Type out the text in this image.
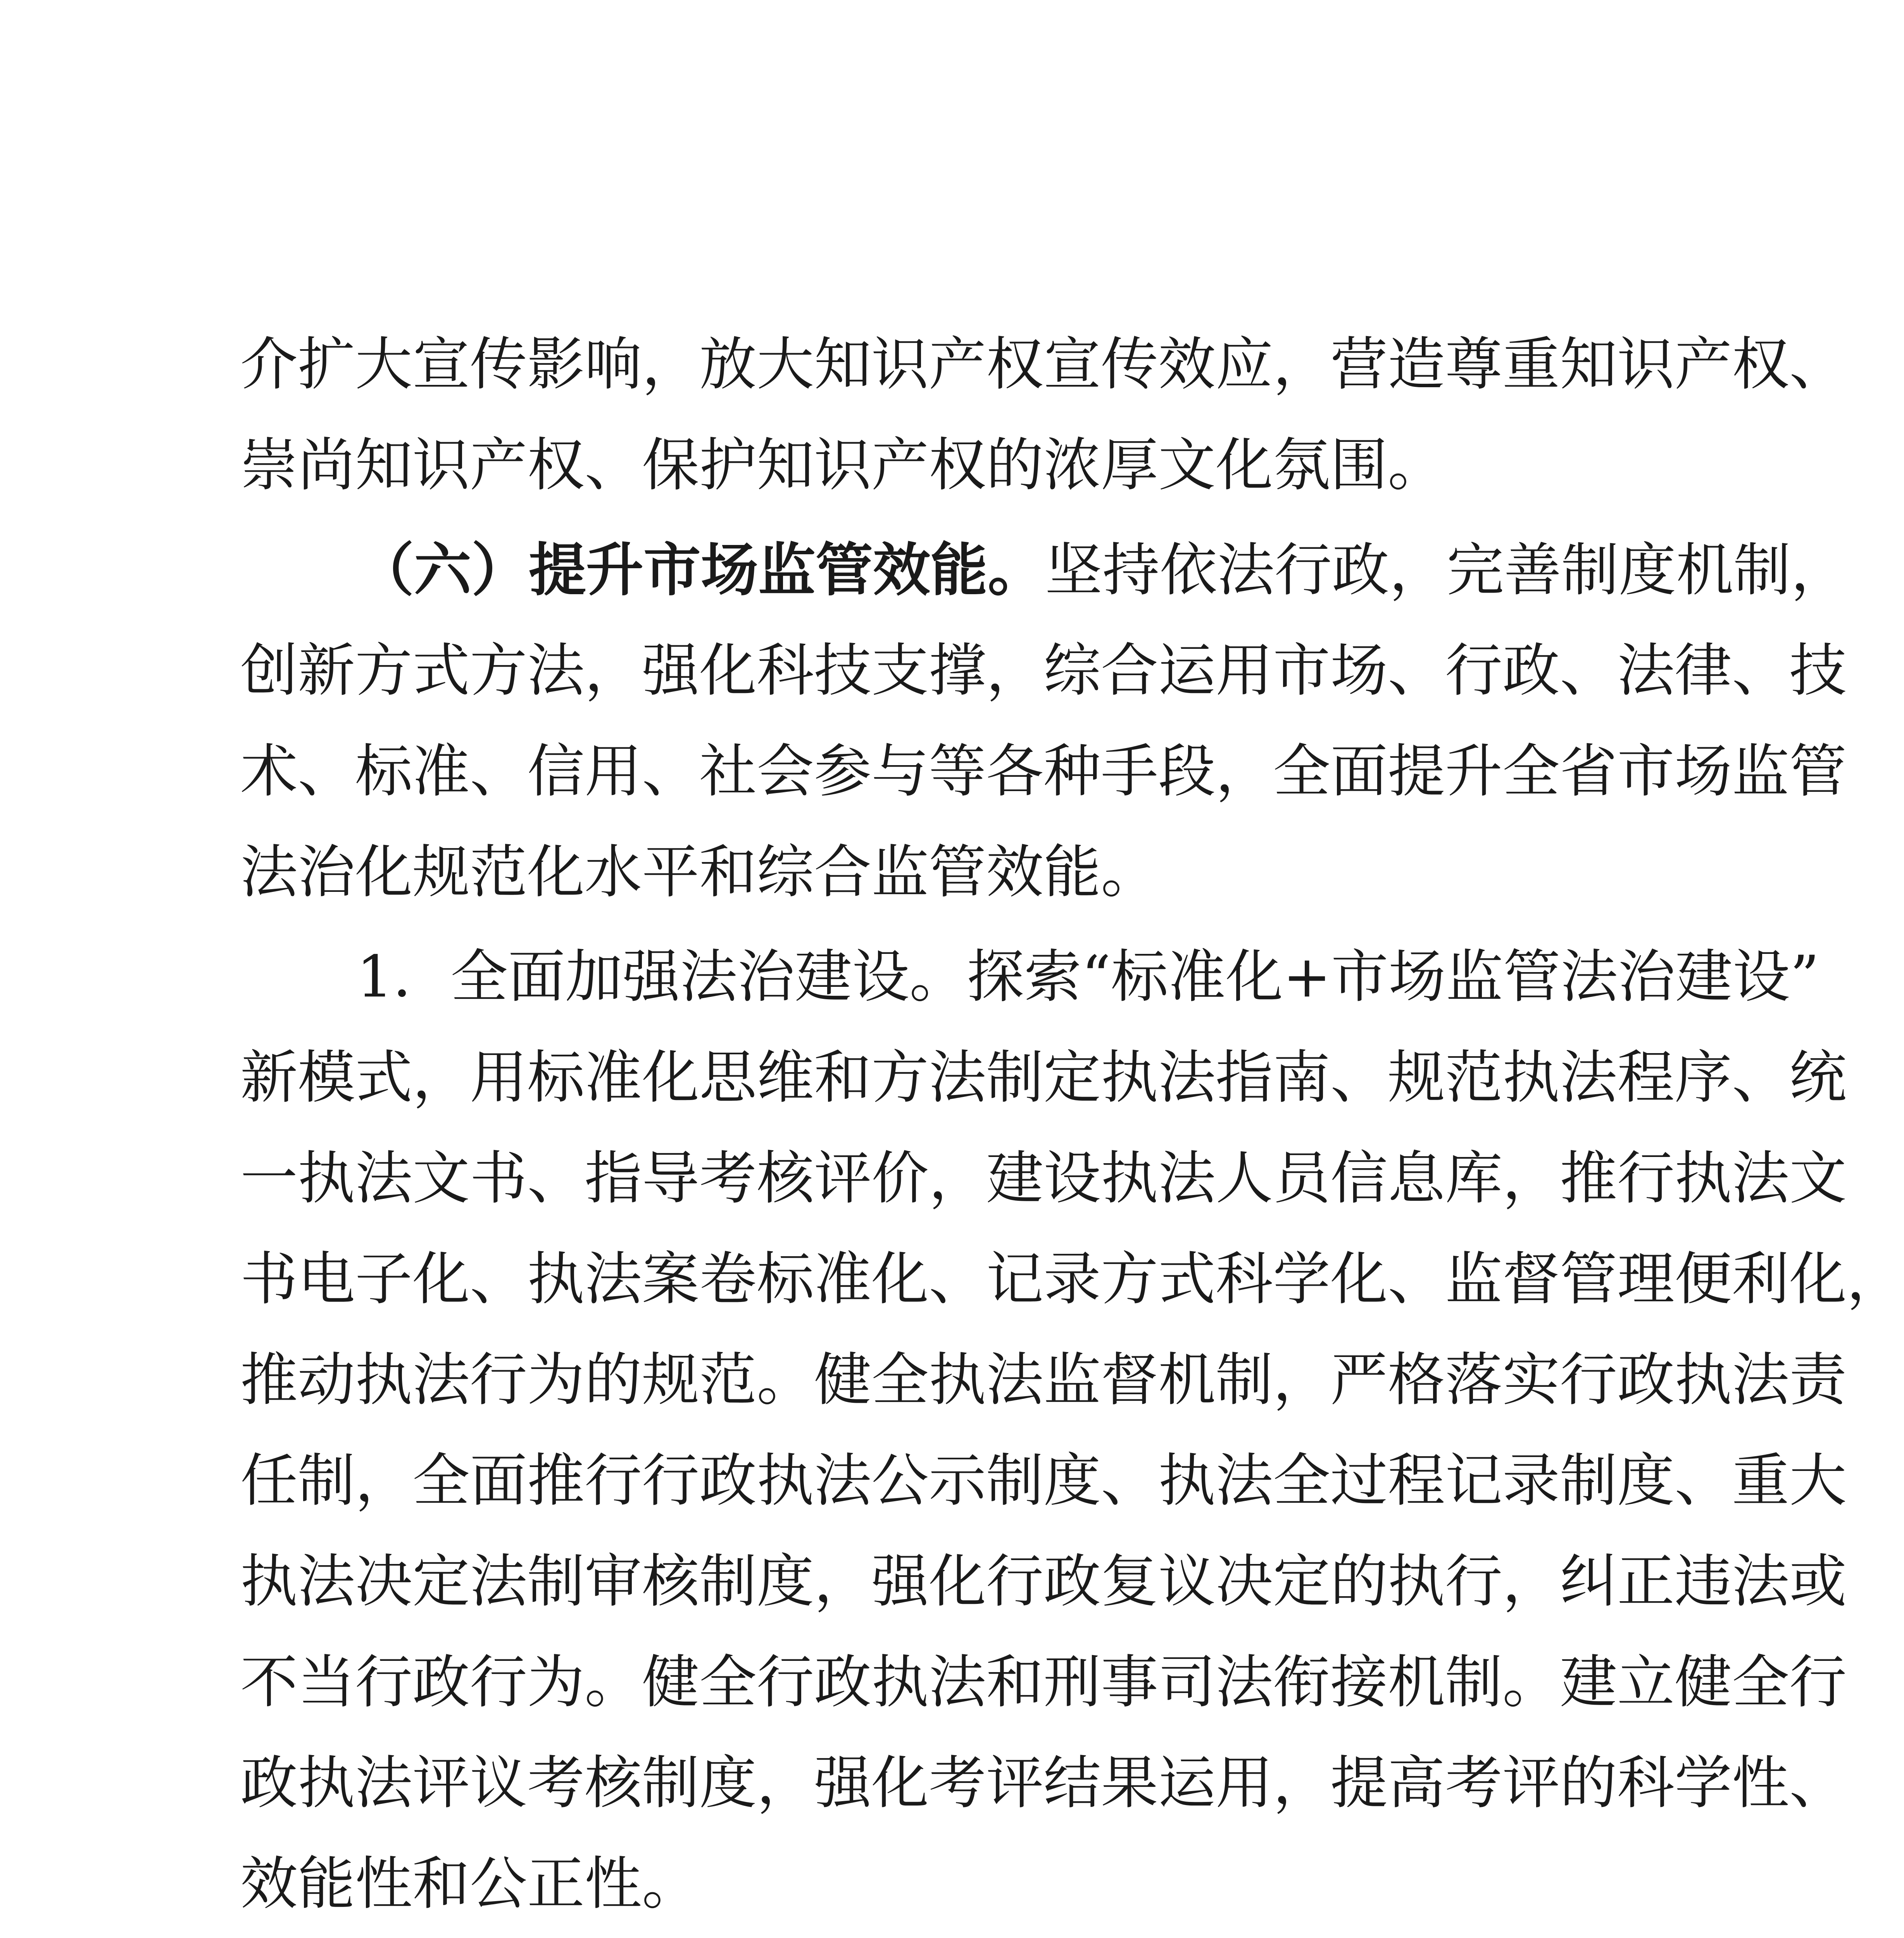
介扩大宣传影响，放大知识产权宣传效应，营造尊重知识产权、
崇尚知识产权、保护知识产权的浓厚文化氛围。
（六）提升市场监管效能。坚持依法行政，完善制度机制，
创新方式方法，强化科技支撑，综合运用市场、行政、法律、技
术、标准、信用、社会参与等各种手段，全面提升全省市场监管
法治化规范化水平和综合监管效能。
1．全面加强法治建设。探索“标准化+市场监管法治建设”
新模式，用标准化思维和方法制定执法指南、规范执法程序、统
一执法文书、指导考核评价，建设执法人员信息库，推行执法文
书电子化、执法案卷标准化、记录方式科学化、监督管理便利化，
推动执法行为的规范。健全执法监督机制，严格落实行政执法责
任制，全面推行行政执法公示制度、执法全过程记录制度、重大
执法决定法制审核制度，强化行政复议决定的执行，纠正违法或
不当行政行为。健全行政执法和刑事司法衔接机制。建立健全行
政执法评议考核制度，强化考评结果运用，提高考评的科学性、
效能性和公正性。
